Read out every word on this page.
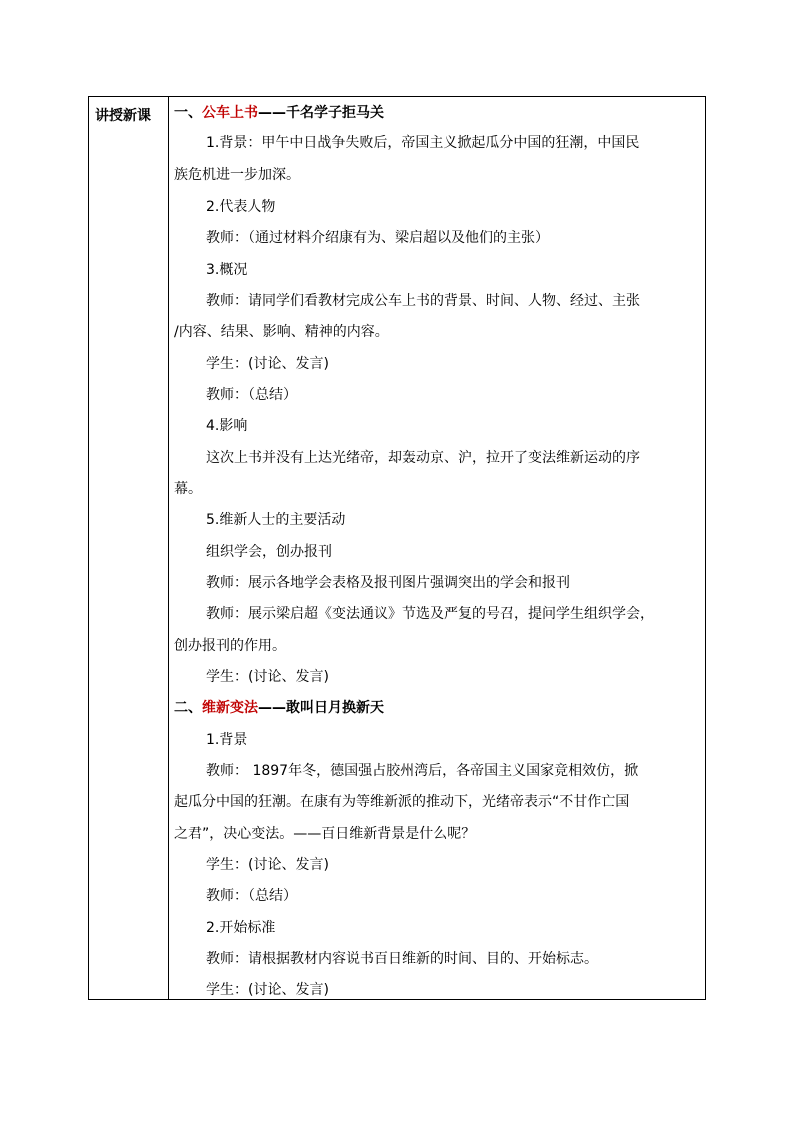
讲授新课 一、公车上书——千名学子拒马关
1.背景：甲午中日战争失败后，帝国主义掀起瓜分中国的狂潮，中国民
族危机进一步加深。
2.代表人物
教师：（通过材料介绍康有为、梁启超以及他们的主张）
3.概况
教师：请同学们看教材完成公车上书的背景、时间、人物、经过、主张
/内容、结果、影响、精神的内容。
学生：(讨论、发言)
教师：（总结）
4.影响
这次上书并没有上达光绪帝，却轰动京、沪，拉开了变法维新运动的序
幕。
5.维新人士的主要活动
组织学会，创办报刊
教师：展示各地学会表格及报刊图片强调突出的学会和报刊
教师：展示梁启超《变法通议》节选及严复的号召，提问学生组织学会，
创办报刊的作用。
学生：(讨论、发言)
二、维新变法——敢叫日月换新天
1.背景
教师： 1897年冬，德国强占胶州湾后，各帝国主义国家竞相效仿，掀
起瓜分中国的狂潮。在康有为等维新派的推动下，光绪帝表示“不甘作亡国
之君”，决心变法。——百日维新背景是什么呢？
学生：(讨论、发言)
教师：（总结）
2.开始标准
教师：请根据教材内容说书百日维新的时间、目的、开始标志。
学生：(讨论、发言)
